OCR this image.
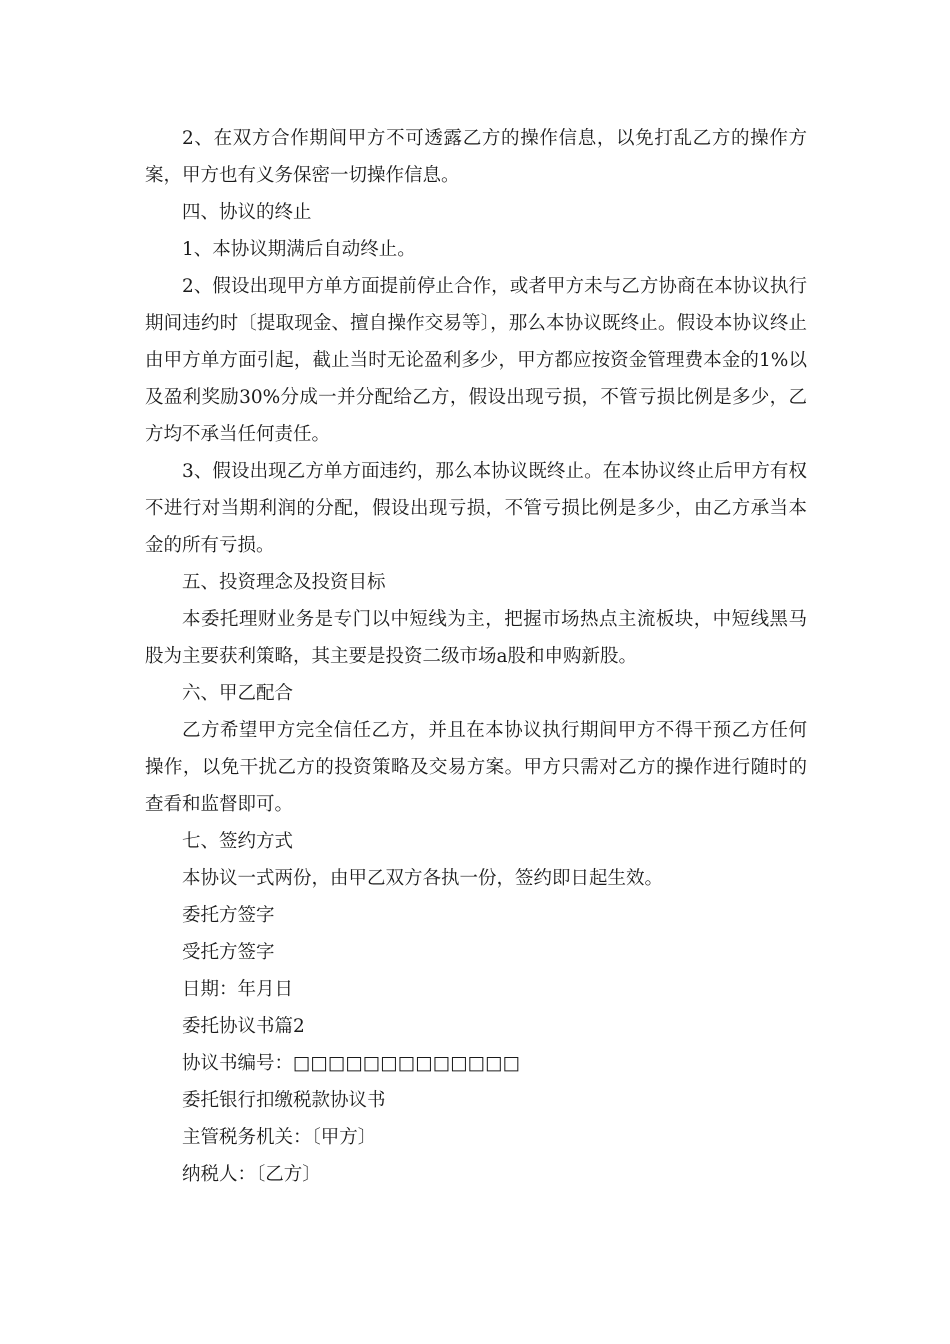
2、在双方合作期间甲方不可透露乙方的操作信息，以免打乱乙方的操作方案，甲方也有义务保密一切操作信息。

四、协议的终止

1、本协议期满后自动终止。

2、假设出现甲方单方面提前停止合作，或者甲方未与乙方协商在本协议执行期间违约时〔提取现金、擅自操作交易等〕，那么本协议既终止。假设本协议终止由甲方单方面引起，截止当时无论盈利多少，甲方都应按资金管理费本金的1%以及盈利奖励30%分成一并分配给乙方，假设出现亏损，不管亏损比例是多少，乙方均不承当任何责任。

3、假设出现乙方单方面违约，那么本协议既终止。在本协议终止后甲方有权不进行对当期利润的分配，假设出现亏损，不管亏损比例是多少，由乙方承当本金的所有亏损。

五、投资理念及投资目标

本委托理财业务是专门以中短线为主，把握市场热点主流板块，中短线黑马股为主要获利策略，其主要是投资二级市场a股和申购新股。

六、甲乙配合

乙方希望甲方完全信任乙方，并且在本协议执行期间甲方不得干预乙方任何操作，以免干扰乙方的投资策略及交易方案。甲方只需对乙方的操作进行随时的查看和监督即可。

七、签约方式

本协议一式两份，由甲乙双方各执一份，签约即日起生效。

委托方签字

受托方签字

日期：年月日

委托协议书篇2

协议书编号：□□□□□□□□□□□□□

委托银行扣缴税款协议书

主管税务机关：〔甲方〕

纳税人：〔乙方〕
